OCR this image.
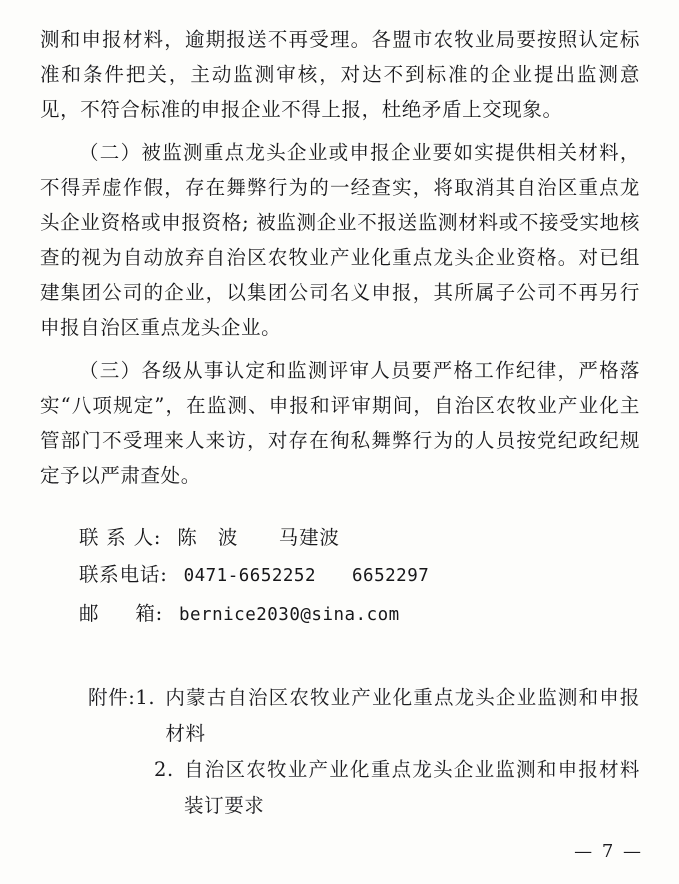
测和申报材料，逾期报送不再受理。各盟市农牧业局要按照认定标准和条件把关，主动监测审核，对达不到标准的企业提出监测意见，不符合标准的申报企业不得上报，杜绝矛盾上交现象。

（二）被监测重点龙头企业或申报企业要如实提供相关材料，不得弄虚作假，存在舞弊行为的一经查实，将取消其自治区重点龙头企业资格或申报资格; 被监测企业不报送监测材料或不接受实地核查的视为自动放弃自治区农牧业产业化重点龙头企业资格。对已组建集团公司的企业，以集团公司名义申报，其所属子公司不再另行申报自治区重点龙头企业。

（三）各级从事认定和监测评审人员要严格工作纪律，严格落实“八项规定”，在监测、申报和评审期间，自治区农牧业产业化主管部门不受理来人来访，对存在徇私舞弊行为的人员按党纪政纪规定予以严肃查处。

联 系 人: 陈　波　　马建波

联系电话: 0471-6652252　　6652297

邮 箱: bernice2030@sina.com

附件: 1. 内蒙古自治区农牧业产业化重点龙头企业监测和申报材料
2. 自治区农牧业产业化重点龙头企业监测和申报材料装订要求
— 7 —
